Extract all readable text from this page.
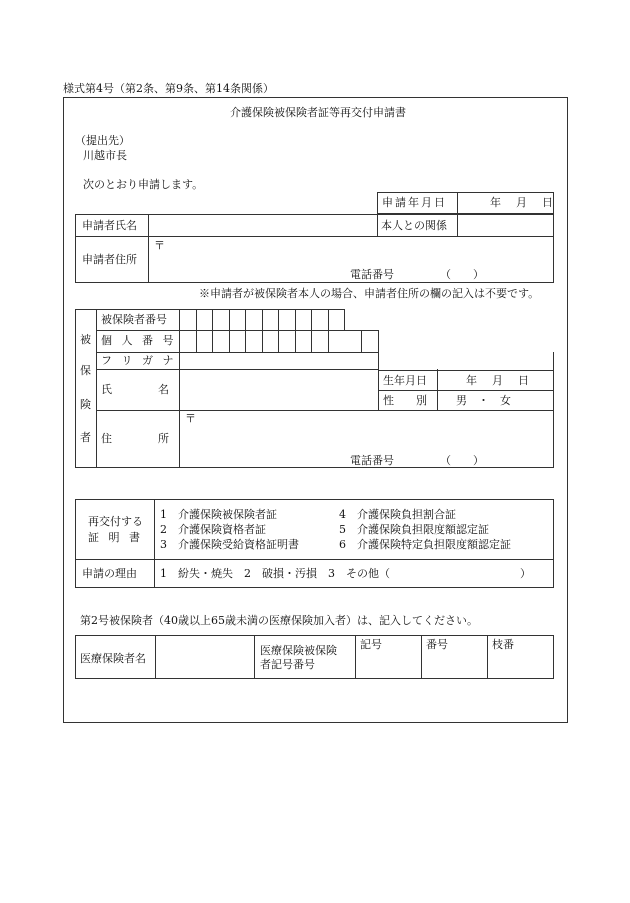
様式第4号（第2条、第9条、第14条関係）
介護保険被保険者証等再交付申請書
（提出先）
川越市長
次のとおり申請します。
申請年月日	年　月　日
申請者氏名	本人との関係
申請者住所
〒
電話番号	（　　）
※申請者が被保険者本人の場合、申請者住所の欄の記入は不要です。
被
保
険
者
被保険者番号
個 人 番 号
フ リ ガ ナ
氏　　名
生年月日	年　月　日
性　　別	男　・　女
住　　所
〒
電話番号	（　　）
再交付する
証 明 書
1　介護保険被保険者証
2　介護保険資格者証
3　介護保険受給資格証明書
4　介護保険負担割合証
5　介護保険負担限度額認定証
6　介護保険特定負担限度額認定証
申請の理由 1　紛失・焼失　2　破損・汚損　3　その他（	）
第2号被保険者（40歳以上65歳未満の医療保険加入者）は、記入してください。
医療保険者名
医療保険被保険
者記号番号
記号	番号	枝番
